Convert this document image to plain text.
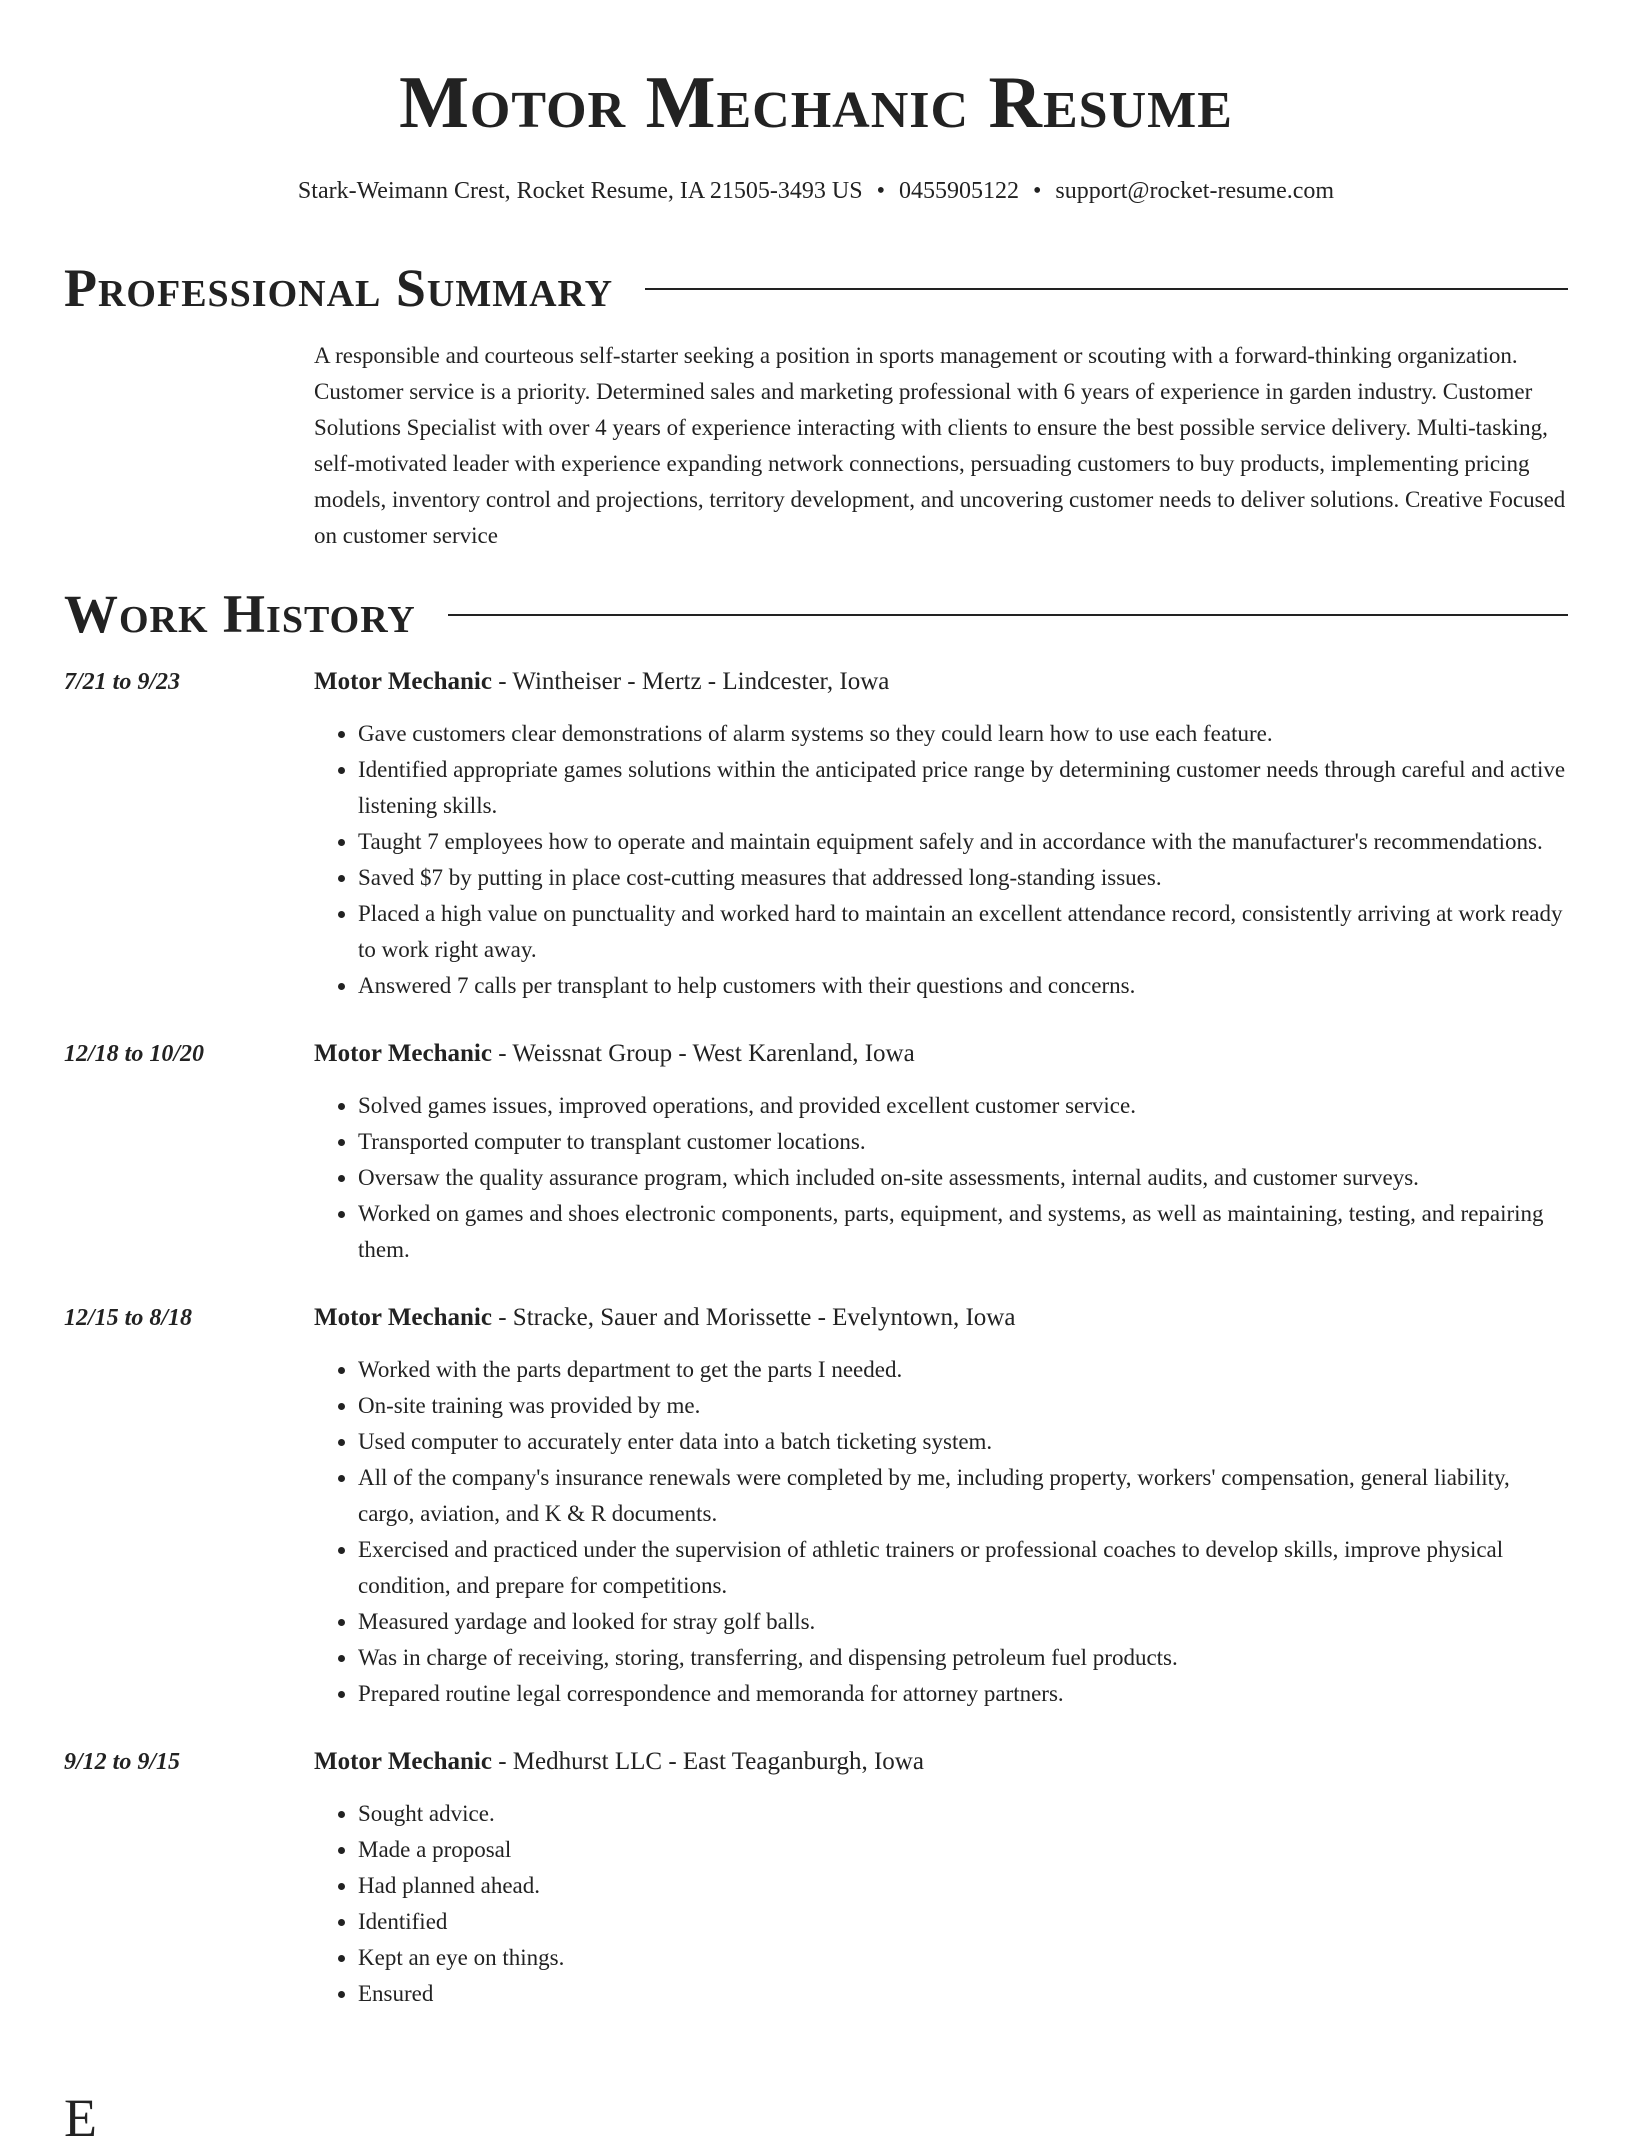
Motor Mechanic Resume
Stark-Weimann Crest, Rocket Resume, IA 21505-3493 US • 0455905122 • support@rocket-resume.com
Professional Summary

A responsible and courteous self-starter seeking a position in sports management or scouting with a forward-thinking organization. Customer service is a priority. Determined sales and marketing professional with 6 years of experience in garden industry. Customer Solutions Specialist with over 4 years of experience interacting with clients to ensure the best possible service delivery. Multi-tasking, self-motivated leader with experience expanding network connections, persuading customers to buy products, implementing pricing models, inventory control and projections, territory development, and uncovering customer needs to deliver solutions. Creative Focused on customer service

Work History
7/21 to 9/23	Motor Mechanic - Wintheiser - Mertz - Lindcester, Iowa
• Gave customers clear demonstrations of alarm systems so they could learn how to use each feature.
• Identified appropriate games solutions within the anticipated price range by determining customer needs through careful and active listening skills.
• Taught 7 employees how to operate and maintain equipment safely and in accordance with the manufacturer's recommendations.
• Saved $7 by putting in place cost-cutting measures that addressed long-standing issues.
• Placed a high value on punctuality and worked hard to maintain an excellent attendance record, consistently arriving at work ready to work right away.
• Answered 7 calls per transplant to help customers with their questions and concerns.
12/18 to 10/20	Motor Mechanic - Weissnat Group - West Karenland, Iowa
• Solved games issues, improved operations, and provided excellent customer service.
• Transported computer to transplant customer locations.
• Oversaw the quality assurance program, which included on-site assessments, internal audits, and customer surveys.
• Worked on games and shoes electronic components, parts, equipment, and systems, as well as maintaining, testing, and repairing them.
12/15 to 8/18	Motor Mechanic - Stracke, Sauer and Morissette - Evelyntown, Iowa
• Worked with the parts department to get the parts I needed.
• On-site training was provided by me.
• Used computer to accurately enter data into a batch ticketing system.
• All of the company's insurance renewals were completed by me, including property, workers' compensation, general liability, cargo, aviation, and K & R documents.
• Exercised and practiced under the supervision of athletic trainers or professional coaches to develop skills, improve physical condition, and prepare for competitions.
• Measured yardage and looked for stray golf balls.
• Was in charge of receiving, storing, transferring, and dispensing petroleum fuel products.
• Prepared routine legal correspondence and memoranda for attorney partners.
9/12 to 9/15	Motor Mechanic - Medhurst LLC - East Teaganburgh, Iowa
• Sought advice.
• Made a proposal
• Had planned ahead.
• Identified
• Kept an eye on things.
• Ensured
E
